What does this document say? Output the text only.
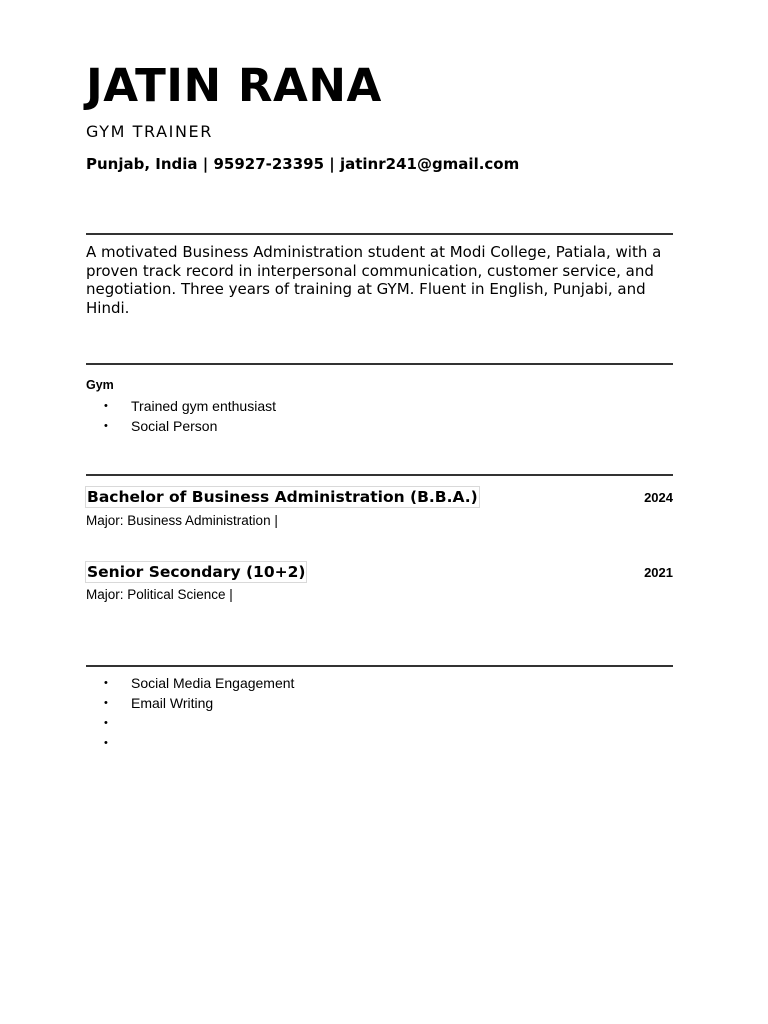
JATIN RANA
GYM TRAINER
Punjab, India | 95927-23395 | jatinr241@gmail.com
A motivated Business Administration student at Modi College, Patiala, with a proven track record in interpersonal communication, customer service, and negotiation. Three years of training at GYM. Fluent in English, Punjabi, and Hindi.
Gym
• Trained gym enthusiast
• Social Person
Bachelor of Business Administration (B.B.A.)	2024
Major: Business Administration |
Senior Secondary (10+2)	2021
Major: Political Science |
• Social Media Engagement
• Email Writing
•
•
